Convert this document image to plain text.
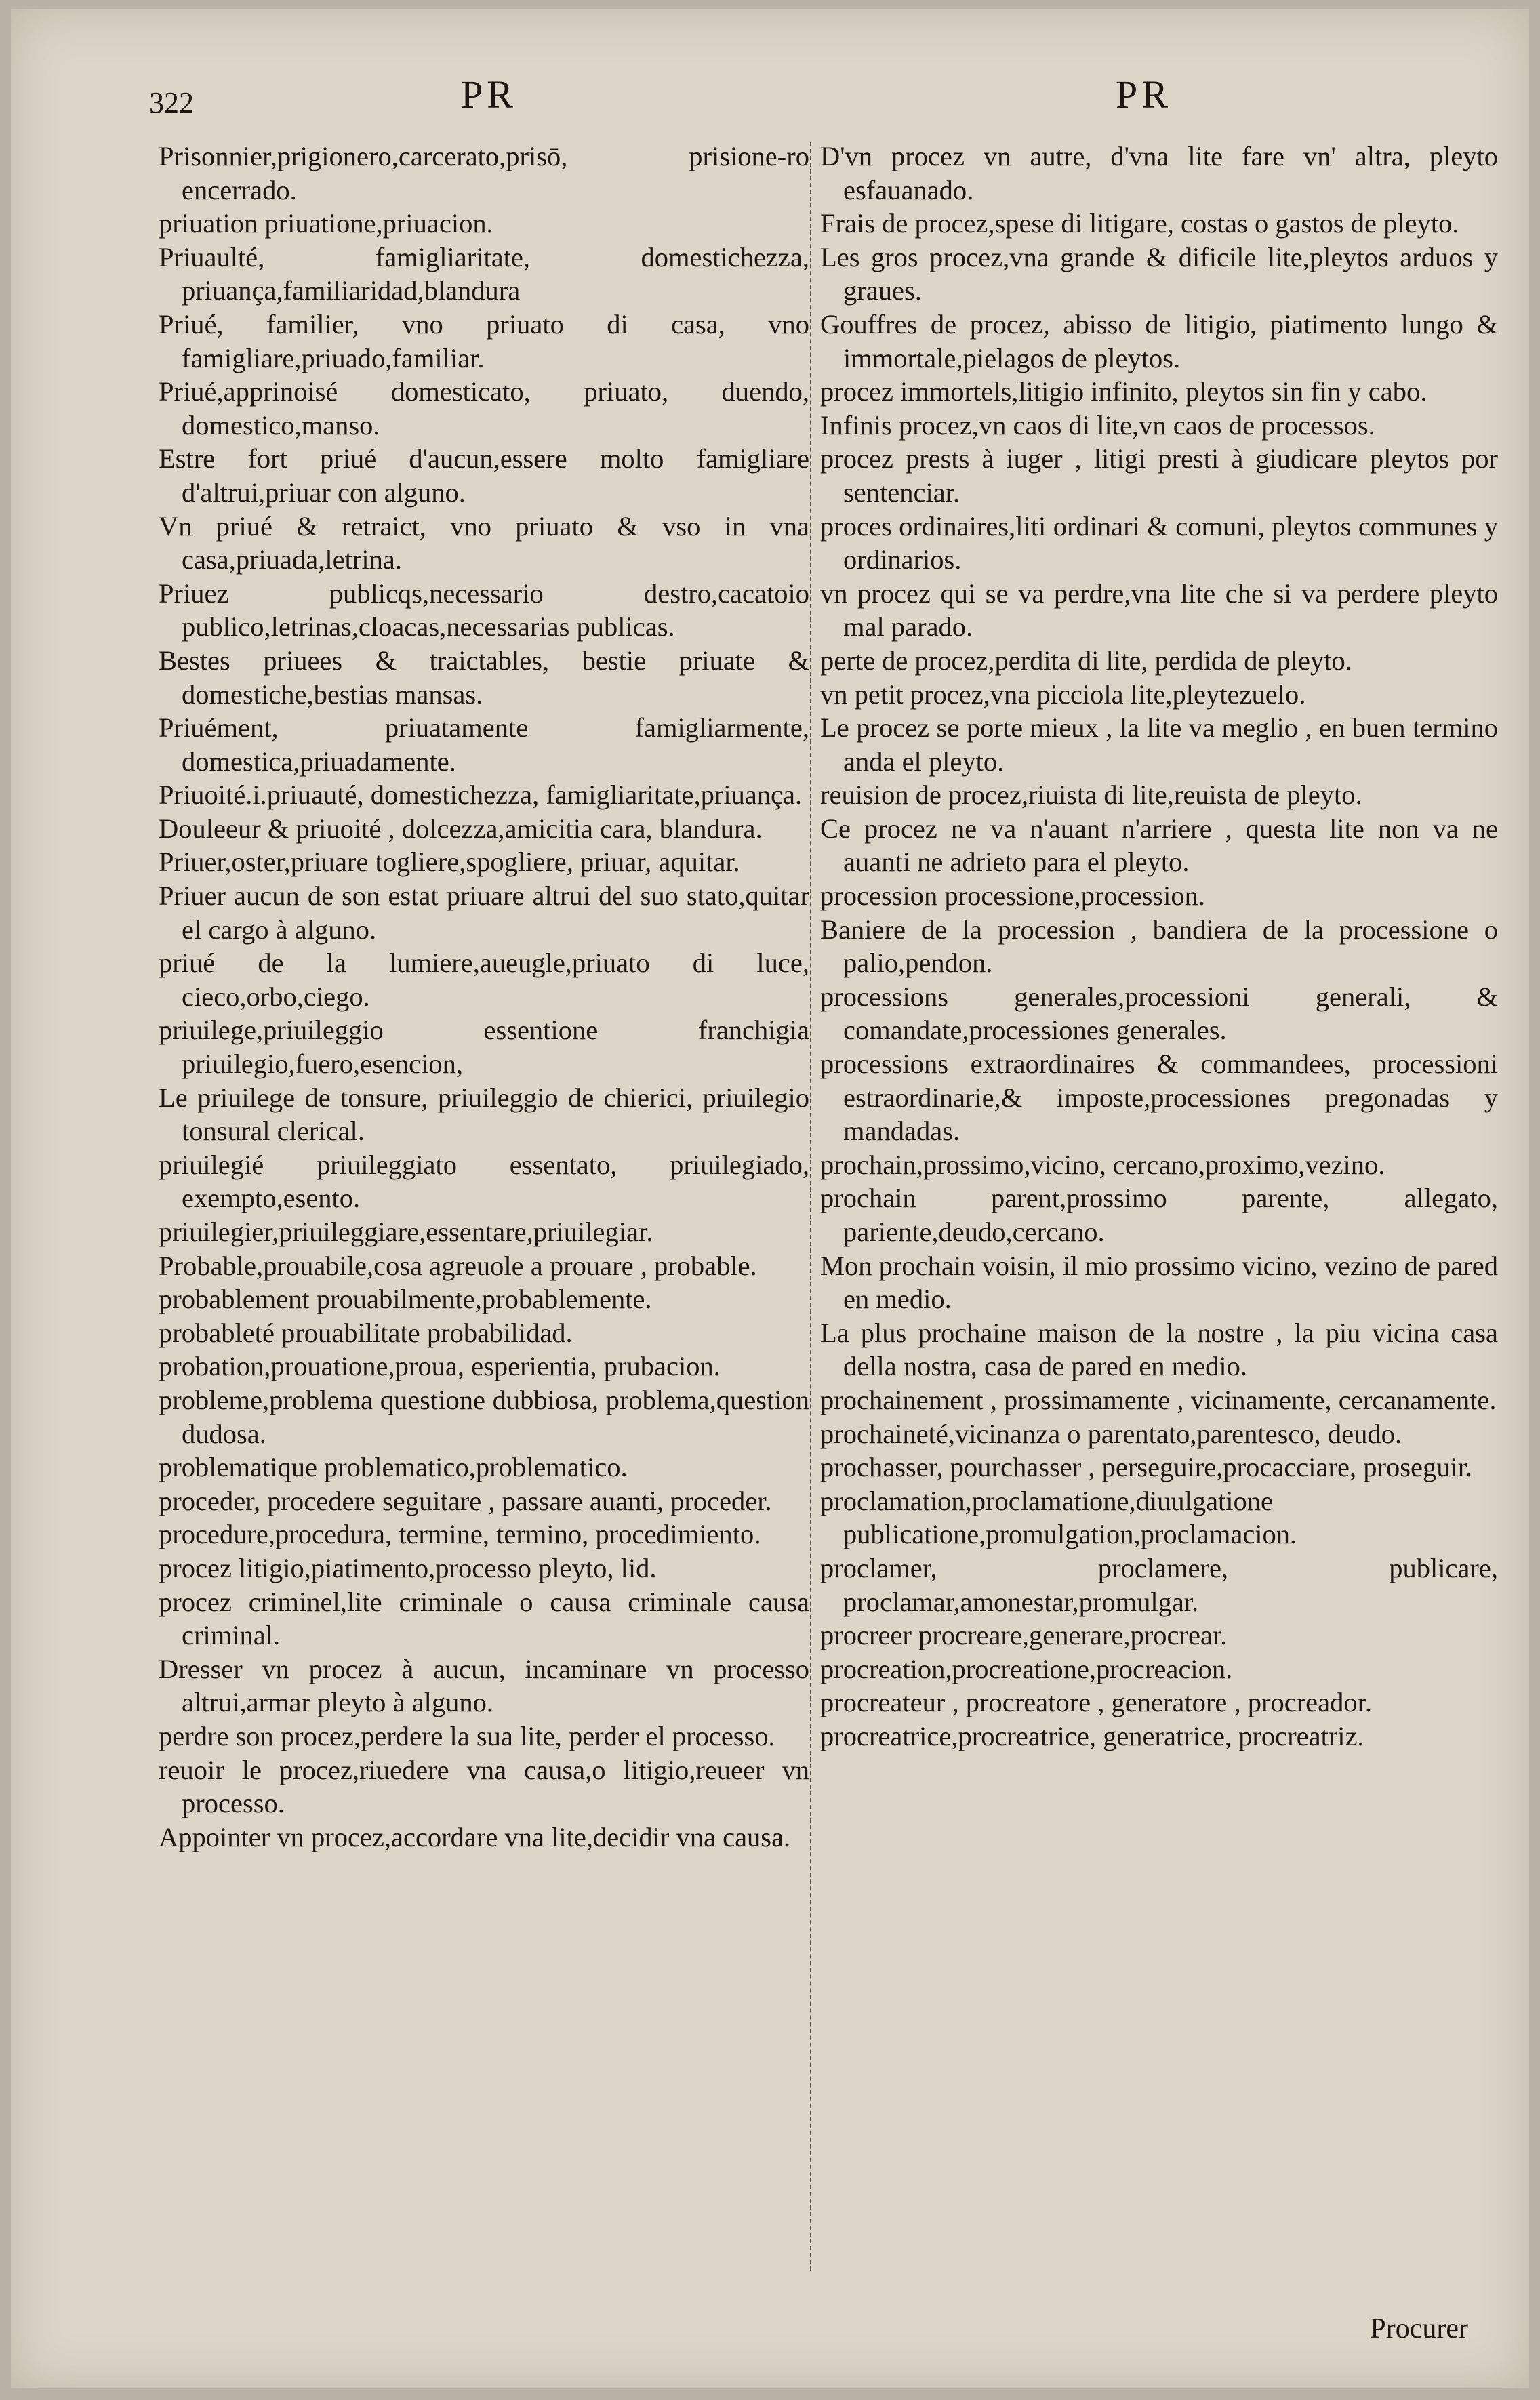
322	PR	PR

Prisonnier,prigionero,carcerato,prisō, prisione-ro encerrado.

priuation priuatione,priuacion.

Priuaulté, famigliaritate, domestichezza, priuança,familiaridad,blandura

Priué, familier, vno priuato di casa, vno famigliare,priuado,familiar.

Priué,apprinoisé domesticato, priuato, duendo, domestico,manso.

Estre fort priué d'aucun,essere molto famigliare d'altrui,priuar con alguno.

Vn priué & retraict, vno priuato & vso in vna casa,priuada,letrina.

Priuez publicqs,necessario destro,cacatoio publico,letrinas,cloacas,necessarias publicas.

Bestes priuees & traictables, bestie priuate & domestiche,bestias mansas.

Priuément, priuatamente famigliarmente, domestica,priuadamente.

Priuoité.i.priuauté, domestichezza, famigliaritate,priuança.

Douleeur & priuoité , dolcezza,amicitia cara, blandura.

Priuer,oster,priuare togliere,spogliere, priuar, aquitar.

Priuer aucun de son estat priuare altrui del suo stato,quitar el cargo à alguno.

priué de la lumiere,aueugle,priuato di luce, cieco,orbo,ciego.

priuilege,priuileggio essentione franchigia priuilegio,fuero,esencion,

Le priuilege de tonsure, priuileggio de chierici, priuilegio tonsural clerical.

priuilegié priuileggiato essentato, priuilegiado, exempto,esento.

priuilegier,priuileggiare,essentare,priuilegiar.

Probable,prouabile,cosa agreuole a prouare , probable.

probablement prouabilmente,probablemente.

probableté prouabilitate probabilidad.

probation,prouatione,proua, esperientia, prubacion.

probleme,problema questione dubbiosa, problema,question dudosa.

problematique problematico,problematico.

proceder, procedere seguitare , passare auanti, proceder.

procedure,procedura, termine, termino, procedimiento.

procez litigio,piatimento,processo pleyto, lid.

procez criminel,lite criminale o causa criminale causa criminal.

Dresser vn procez à aucun, incaminare vn processo altrui,armar pleyto à alguno.

perdre son procez,perdere la sua lite, perder el processo.

reuoir le procez,riuedere vna causa,o litigio,reueer vn processo.

Appointer vn procez,accordare vna lite,decidir vna causa.

D'vn procez vn autre, d'vna lite fare vn' altra, pleyto esfauanado.

Frais de procez,spese di litigare, costas o gastos de pleyto.

Les gros procez,vna grande & dificile lite,pleytos arduos y graues.

Gouffres de procez, abisso de litigio, piatimento lungo & immortale,pielagos de pleytos.

procez immortels,litigio infinito, pleytos sin fin y cabo.

Infinis procez,vn caos di lite,vn caos de processos.

procez prests à iuger , litigi presti à giudicare pleytos por sentenciar.

proces ordinaires,liti ordinari & comuni, pleytos communes y ordinarios.

vn procez qui se va perdre,vna lite che si va perdere pleyto mal parado.

perte de procez,perdita di lite, perdida de pleyto.

vn petit procez,vna picciola lite,pleytezuelo.

Le procez se porte mieux , la lite va meglio , en buen termino anda el pleyto.

reuision de procez,riuista di lite,reuista de pleyto.

Ce procez ne va n'auant n'arriere , questa lite non va ne auanti ne adrieto para el pleyto.

procession processione,procession.

Baniere de la procession , bandiera de la processione o palio,pendon.

processions generales,processioni generali, & comandate,processiones generales.

processions extraordinaires & commandees, processioni estraordinarie,& imposte,processiones pregonadas y mandadas.

prochain,prossimo,vicino, cercano,proximo,vezino.

prochain parent,prossimo parente, allegato, pariente,deudo,cercano.

Mon prochain voisin, il mio prossimo vicino, vezino de pared en medio.

La plus prochaine maison de la nostre , la piu vicina casa della nostra, casa de pared en medio.

prochainement , prossimamente , vicinamente, cercanamente.

prochaineté,vicinanza o parentato,parentesco, deudo.

prochasser, pourchasser , perseguire,procacciare, proseguir.

proclamation,proclamatione,diuulgatione publicatione,promulgation,proclamacion.

proclamer, proclamere, publicare, proclamar,amonestar,promulgar.

procreer procreare,generare,procrear.

procreation,procreatione,procreacion.

procreateur , procreatore , generatore , procreador.

procreatrice,procreatrice, generatrice, procreatriz.

Procurer
